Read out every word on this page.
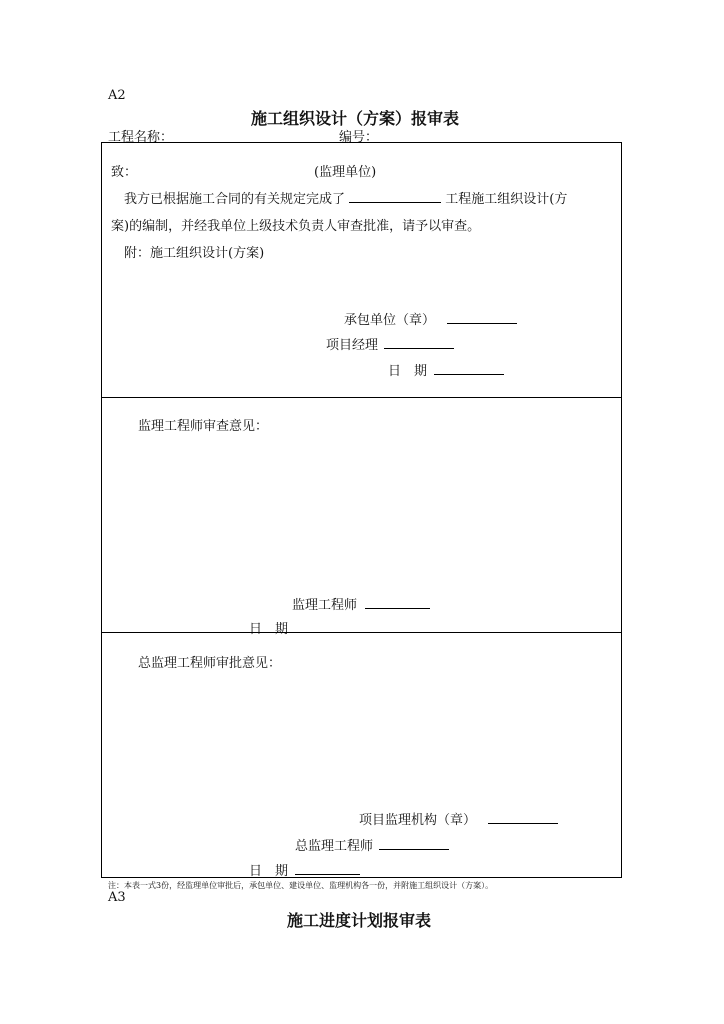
A2
施工组织设计（方案）报审表
工程名称：	编号：
致：	(监理单位)
我方已根据施工合同的有关规定完成了	工程施工组织设计(方
案)的编制，并经我单位上级技术负责人审查批准，请予以审查。
附：施工组织设计(方案)
承包单位（章）
项目经理
日　期
监理工程师审查意见：
监理工程师
日　期
总监理工程师审批意见：
项目监理机构（章）
总监理工程师
日　期
注：本表一式3份，经监理单位审批后，承包单位、建设单位、监理机构各一份，并附施工组织设计（方案）。
A3
施工进度计划报审表
